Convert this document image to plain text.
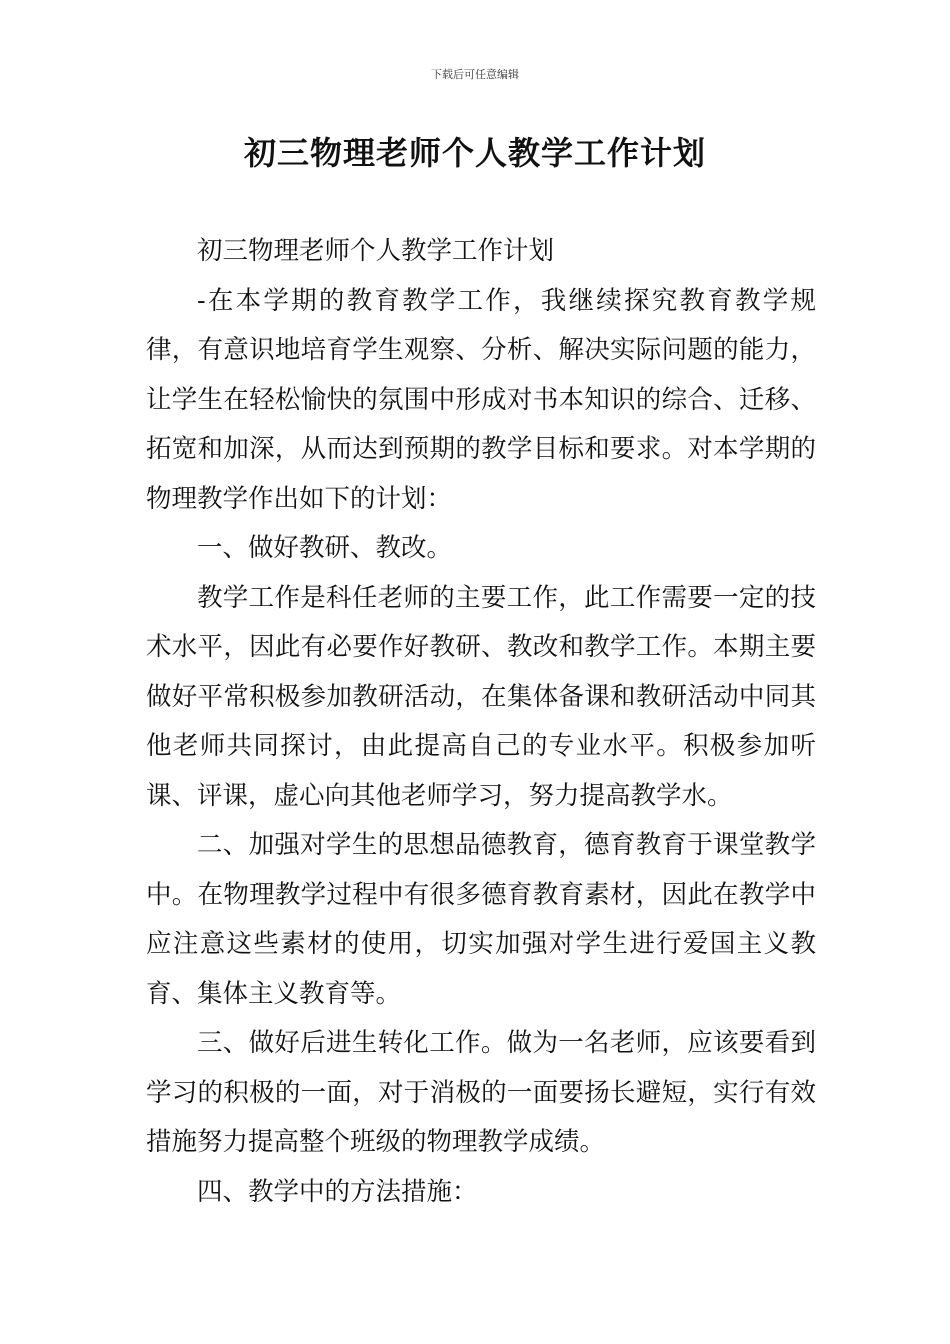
下载后可任意编辑
初三物理老师个人教学工作计划

初三物理老师个人教学工作计划

-在本学期的教育教学工作，我继续探究教育教学规律，有意识地培育学生观察、分析、解决实际问题的能力，让学生在轻松愉快的氛围中形成对书本知识的综合、迁移、拓宽和加深，从而达到预期的教学目标和要求。对本学期的物理教学作出如下的计划：

一、做好教研、教改。

教学工作是科任老师的主要工作，此工作需要一定的技术水平，因此有必要作好教研、教改和教学工作。本期主要做好平常积极参加教研活动，在集体备课和教研活动中同其他老师共同探讨，由此提高自己的专业水平。积极参加听课、评课，虚心向其他老师学习，努力提高教学水。

二、加强对学生的思想品德教育，德育教育于课堂教学中。在物理教学过程中有很多德育教育素材，因此在教学中应注意这些素材的使用，切实加强对学生进行爱国主义教育、集体主义教育等。

三、做好后进生转化工作。做为一名老师，应该要看到学习的积极的一面，对于消极的一面要扬长避短，实行有效措施努力提高整个班级的物理教学成绩。

四、教学中的方法措施：
